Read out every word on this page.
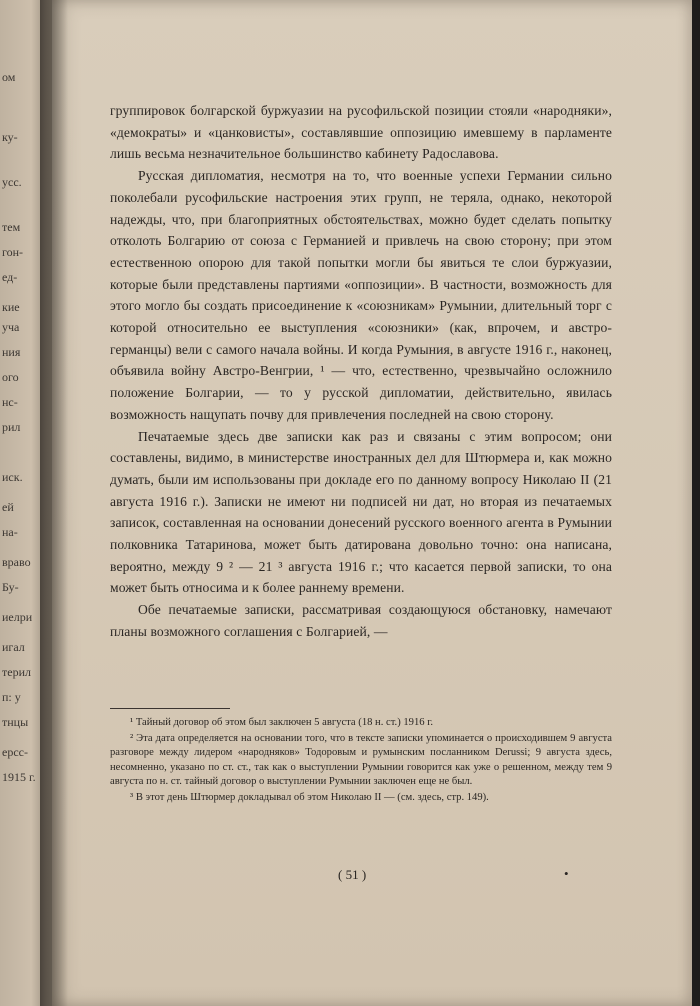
ом
ку-
усс.
тем
гон-
ед-
кие
уча
ния
ого
нс-
рил
иск.
ей
на-
враво
Бу-
иелри
игал
терил
п: у
тнцы
ерсс-
1915 г.

группировок болгарской буржуазии на русофильской позиции стояли «народняки», «демократы» и «цанковисты», составлявшие оппозицию имевшему в парламенте лишь весьма незначительное большинство кабинету Радославова.

Русская дипломатия, несмотря на то, что военные успехи Германии сильно поколебали русофильские настроения этих групп, не теряла, однако, некоторой надежды, что, при благоприятных обстоятельствах, можно будет сделать попытку отколоть Болгарию от союза с Германией и привлечь на свою сторону; при этом естественною опорою для такой попытки могли бы явиться те слои буржуазии, которые были представлены партиями «оппозиции». В частности, возможность для этого могло бы создать присоединение к «союзникам» Румынии, длительный торг с которой относительно ее выступления «союзники» (как, впрочем, и австро-германцы) вели с самого начала войны. И когда Румыния, в августе 1916 г., наконец, объявила войну Австро-Венгрии, ¹ — что, естественно, чрезвычайно осложнило положение Болгарии, — то у русской дипломатии, действительно, явилась возможность нащупать почву для привлечения последней на свою сторону.

Печатаемые здесь две записки как раз и связаны с этим вопросом; они составлены, видимо, в министерстве иностранных дел для Штюрмера и, как можно думать, были им использованы при докладе его по данному вопросу Николаю II (21 августа 1916 г.). Записки не имеют ни подписей ни дат, но вторая из печатаемых записок, составленная на основании донесений русского военного агента в Румынии полковника Татаринова, может быть датирована довольно точно: она написана, вероятно, между 9 ² — 21 ³ августа 1916 г.; что касается первой записки, то она может быть относима и к более раннему времени.

Обе печатаемые записки, рассматривая создающуюся обстановку, намечают планы возможного соглашения с Болгарией, —

¹ Тайный договор об этом был заключен 5 августа (18 н. ст.) 1916 г.

² Эта дата определяется на основании того, что в тексте записки упоминается о происходившем 9 августа разговоре между лидером «народняков» Тодоровым и румынским посланником Derussi; 9 августа здесь, несомненно, указано по ст. ст., так как о выступлении Румынии говорится как уже о решенном, между тем 9 августа по н. ст. тайный договор о выступлении Румынии заключен еще не был.

³ В этот день Штюрмер докладывал об этом Николаю II — (см. здесь, стр. 149).

( 51 )	•
